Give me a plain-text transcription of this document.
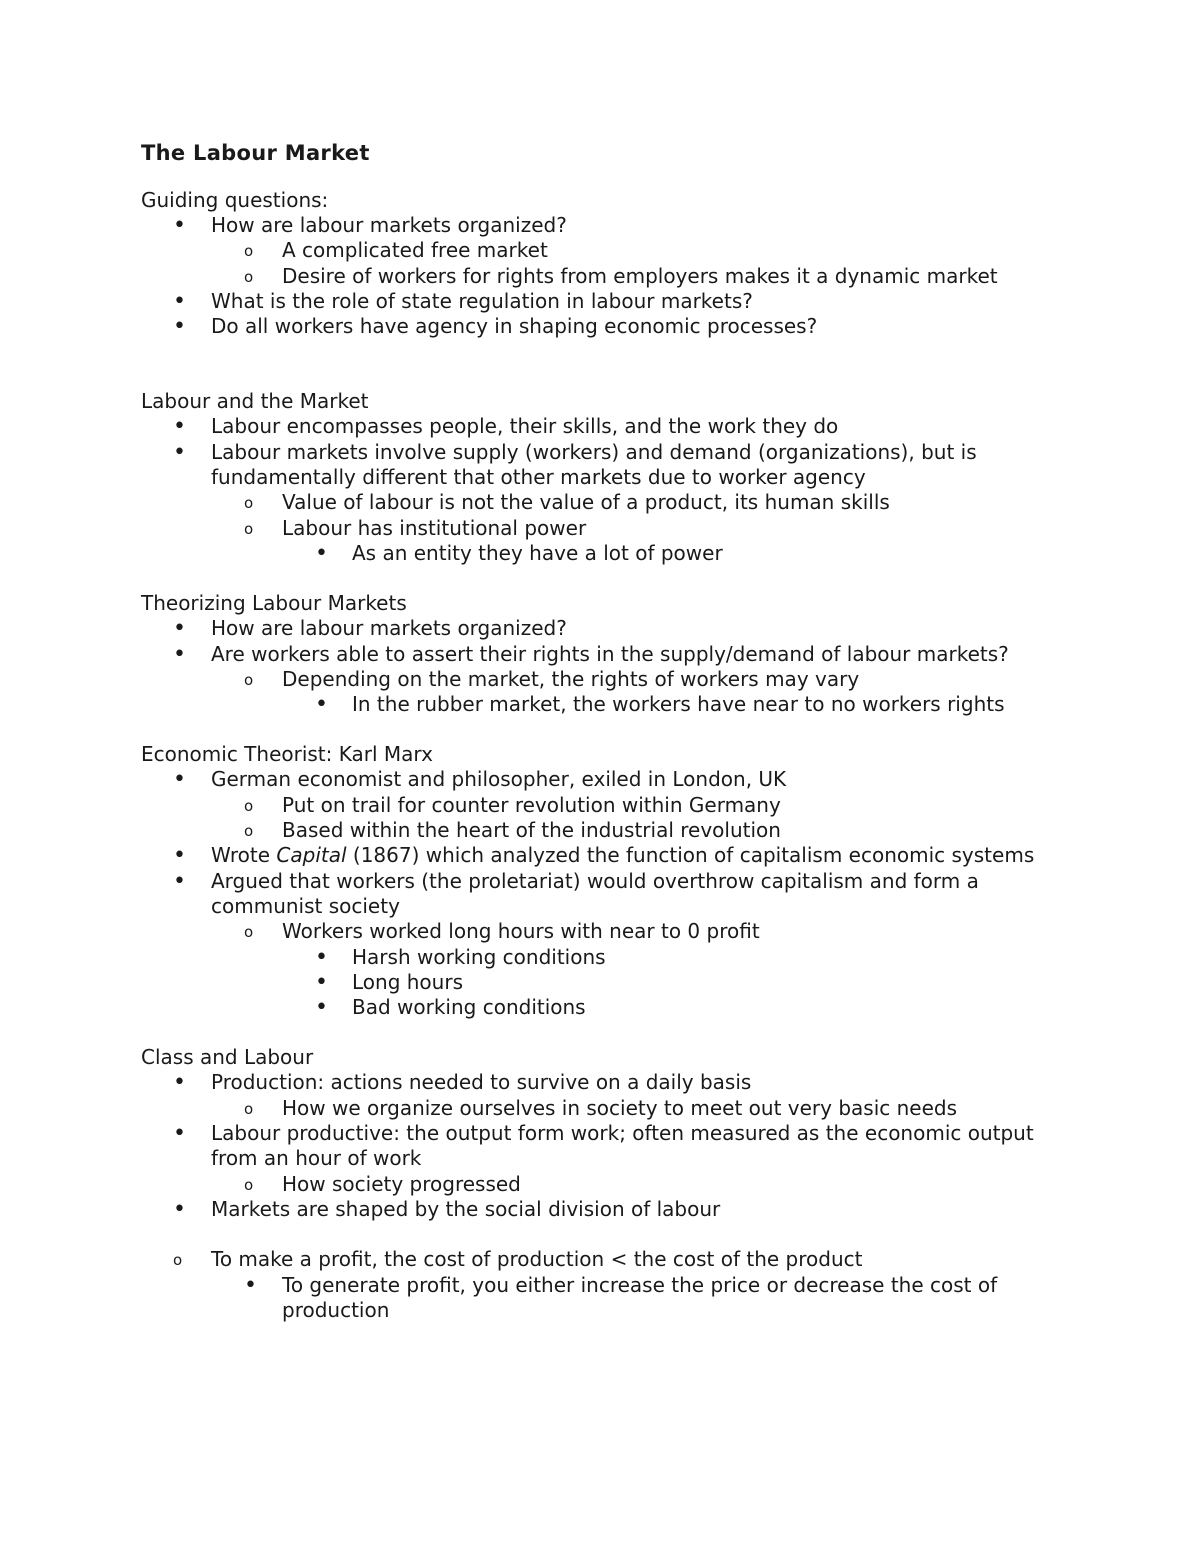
The Labour Market
Guiding questions:
•
How are labour markets organized?
o
A complicated free market
o
Desire of workers for rights from employers makes it a dynamic market
•
What is the role of state regulation in labour markets?
•
Do all workers have agency in shaping economic processes?
Labour and the Market
•
Labour encompasses people, their skills, and the work they do
•
Labour markets involve supply (workers) and demand (organizations), but is fundamentally different that other markets due to worker agency
o
Value of labour is not the value of a product, its human skills
o
Labour has institutional power
•
As an entity they have a lot of power
Theorizing Labour Markets
•
How are labour markets organized?
•
Are workers able to assert their rights in the supply/demand of labour markets?
o
Depending on the market, the rights of workers may vary
•
In the rubber market, the workers have near to no workers rights
Economic Theorist: Karl Marx
•
German economist and philosopher, exiled in London, UK
o
Put on trail for counter revolution within Germany
o
Based within the heart of the industrial revolution
•
Wrote Capital (1867) which analyzed the function of capitalism economic systems
•
Argued that workers (the proletariat) would overthrow capitalism and form a communist society
o
Workers worked long hours with near to 0 profit
•
Harsh working conditions
•
Long hours
•
Bad working conditions
Class and Labour
•
Production: actions needed to survive on a daily basis
o
How we organize ourselves in society to meet out very basic needs
•
Labour productive: the output form work; often measured as the economic output from an hour of work
o
How society progressed
•
Markets are shaped by the social division of labour
o
To make a profit, the cost of production < the cost of the product
•
To generate profit, you either increase the price or decrease the cost of production
